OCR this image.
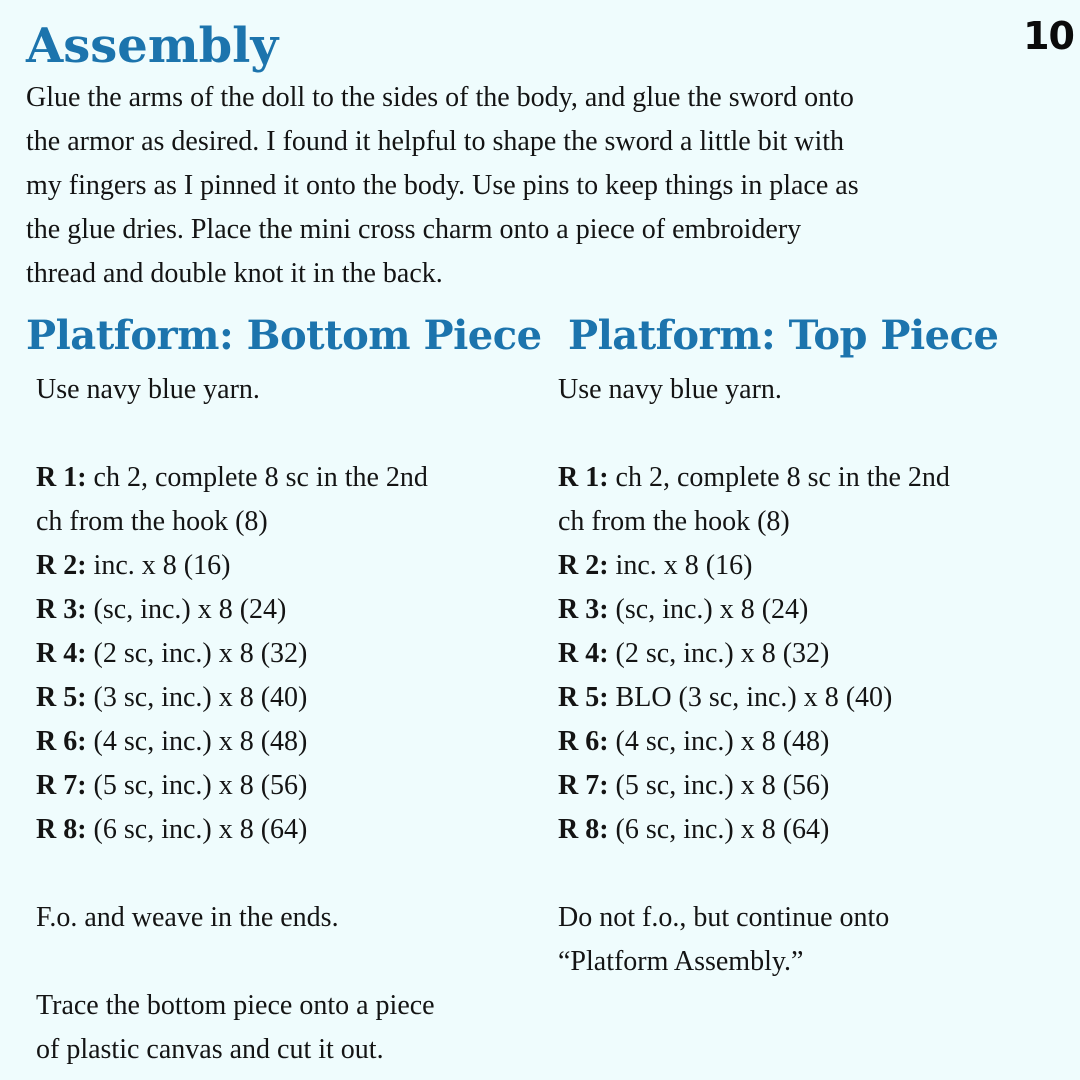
10
Assembly

Glue the arms of the doll to the sides of the body, and glue the sword onto
the armor as desired. I found it helpful to shape the sword a little bit with
my fingers as I pinned it onto the body. Use pins to keep things in place as
the glue dries. Place the mini cross charm onto a piece of embroidery
thread and double knot it in the back.

Platform: Bottom Piece
Use navy blue yarn.
R 1: ch 2, complete 8 sc in the 2nd
ch from the hook (8)
R 2: inc. x 8 (16)
R 3: (sc, inc.) x 8 (24)
R 4: (2 sc, inc.) x 8 (32)
R 5: (3 sc, inc.) x 8 (40)
R 6: (4 sc, inc.) x 8 (48)
R 7: (5 sc, inc.) x 8 (56)
R 8: (6 sc, inc.) x 8 (64)
F.o. and weave in the ends.
Trace the bottom piece onto a piece
of plastic canvas and cut it out.
Platform: Top Piece
Use navy blue yarn.
R 1: ch 2, complete 8 sc in the 2nd
ch from the hook (8)
R 2: inc. x 8 (16)
R 3: (sc, inc.) x 8 (24)
R 4: (2 sc, inc.) x 8 (32)
R 5: BLO (3 sc, inc.) x 8 (40)
R 6: (4 sc, inc.) x 8 (48)
R 7: (5 sc, inc.) x 8 (56)
R 8: (6 sc, inc.) x 8 (64)
Do not f.o., but continue onto
“Platform Assembly.”
